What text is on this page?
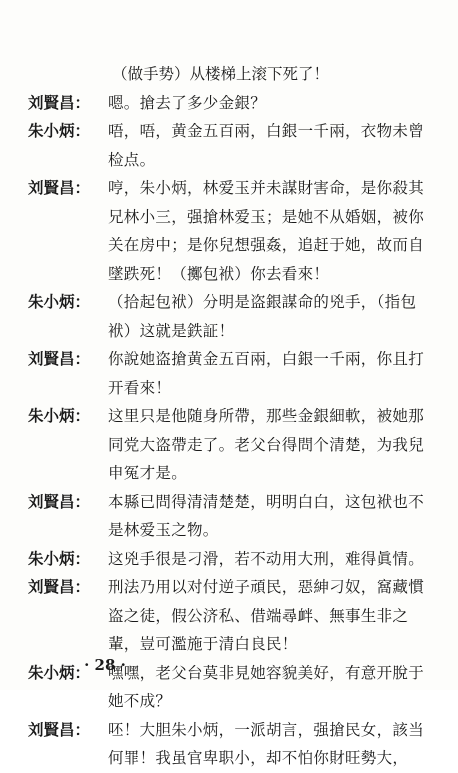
（做手势）从楼梯上滚下死了！
刘賢昌：	嗯。搶去了多少金銀？
朱小炳：	唔，唔，黄金五百兩，白銀一千兩，衣物未曾检点。
刘賢昌：	哼，朱小炳，林爱玉并未謀財害命，是你殺其兄林小三，强搶林爱玉；是她不从婚姻，被你关在房中；是你兒想强姦，追赶于她，故而自墜跌死！（擲包袱）你去看來！
朱小炳：	（拾起包袱）分明是盗銀謀命的兇手，（指包袱）这就是鉄証！
刘賢昌：	你說她盗搶黄金五百兩，白銀一千兩，你且打开看來！
朱小炳：	这里只是他随身所帶，那些金銀細軟，被她那同党大盗帶走了。老父台得問个清楚，为我兒申冤才是。
刘賢昌：	本縣已問得清清楚楚，明明白白，这包袱也不是林爱玉之物。
朱小炳：	这兇手很是刁滑，若不动用大刑，难得眞情。
刘賢昌：	刑法乃用以对付逆子頑民，惡紳刁奴，窩藏慣盗之徒，假公济私、借端尋衅、無事生非之輩，豈可濫施于清白良民！
朱小炳：	嘿嘿，老父台莫非見她容貌美好，有意开脫于她不成？
刘賢昌：	呸！大胆朱小炳，一派胡言，强搶民女，該当何罪！我虽官卑职小，却不怕你財旺勢大，
· 28 ·
